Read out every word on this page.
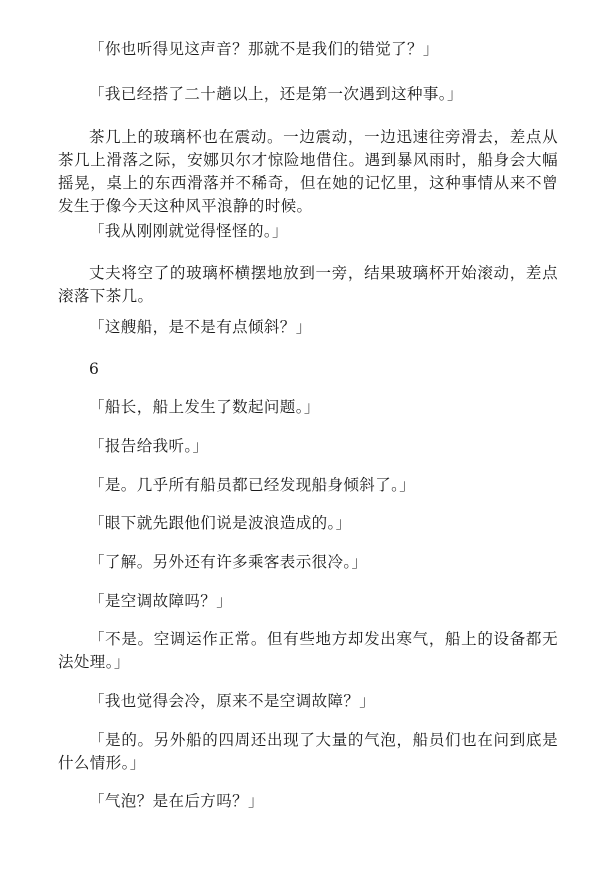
「你也听得见这声音？那就不是我们的错觉了？」

「我已经搭了二十趟以上，还是第一次遇到这种事。」

茶几上的玻璃杯也在震动。一边震动，一边迅速往旁滑去，差点从茶几上滑落之际，安娜贝尔才惊险地借住。遇到暴风雨时，船身会大幅摇晃，桌上的东西滑落并不稀奇，但在她的记忆里，这种事情从来不曾发生于像今天这种风平浪静的时候。

「我从刚刚就觉得怪怪的。」

丈夫将空了的玻璃杯横摆地放到一旁，结果玻璃杯开始滚动，差点滚落下茶几。

「这艘船，是不是有点倾斜？」

6

「船长，船上发生了数起问题。」

「报告给我听。」

「是。几乎所有船员都已经发现船身倾斜了。」

「眼下就先跟他们说是波浪造成的。」

「了解。另外还有许多乘客表示很冷。」

「是空调故障吗？」

「不是。空调运作正常。但有些地方却发出寒气，船上的设备都无法处理。」

「我也觉得会冷，原来不是空调故障？」

「是的。另外船的四周还出现了大量的气泡，船员们也在问到底是什么情形。」

「气泡？是在后方吗？」
